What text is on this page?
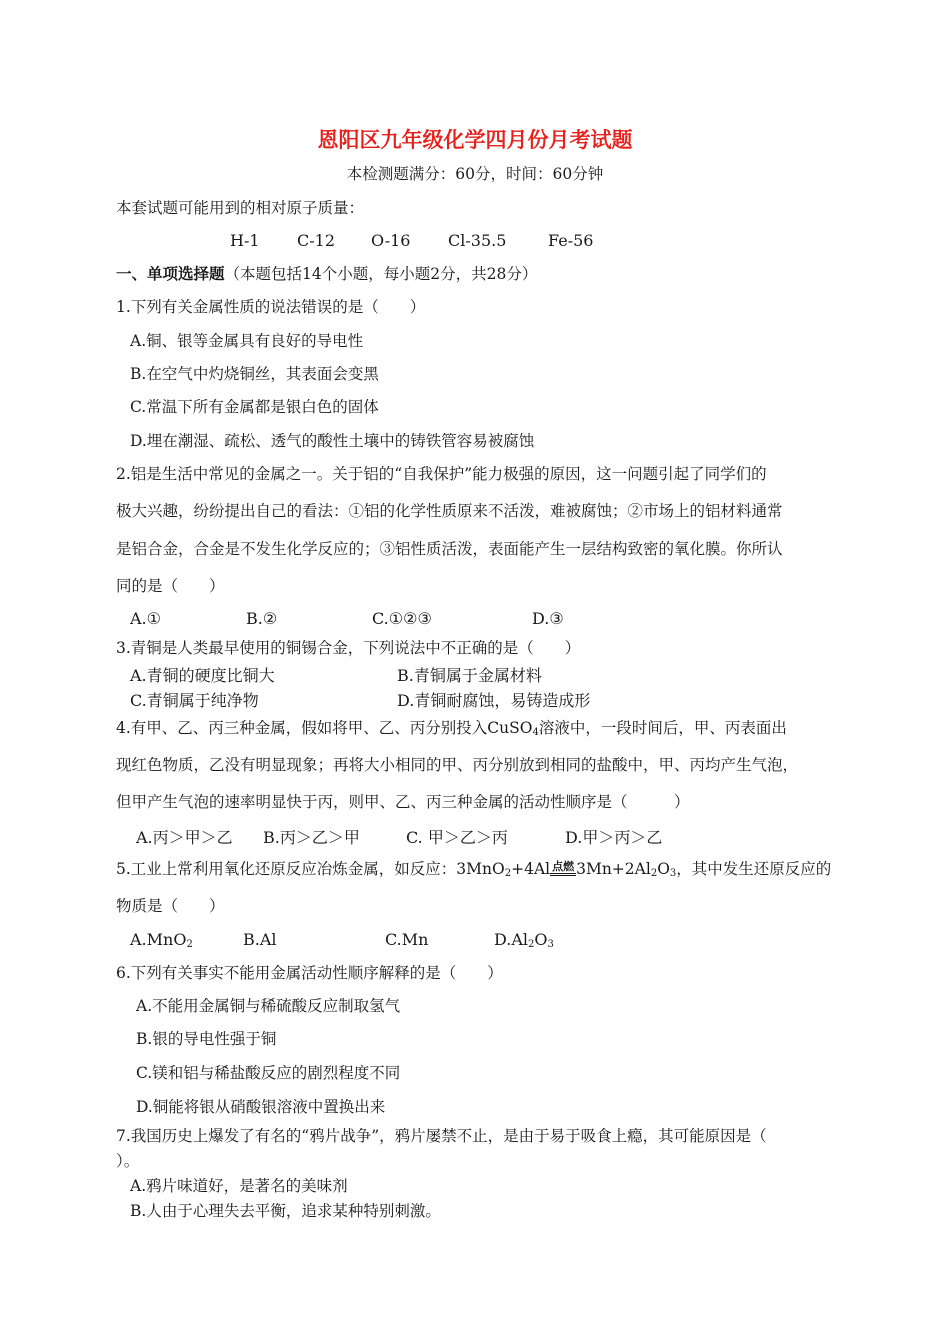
恩阳区九年级化学四月份月考试题
本检测题满分：60分，时间：60分钟
本套试题可能用到的相对原子质量：
H-1 C-12 O-16 Cl-35.5	Fe-56
一、单项选择题（本题包括14个小题，每小题2分，共28分）
1.下列有关金属性质的说法错误的是（　　）
A.铜、银等金属具有良好的导电性
B.在空气中灼烧铜丝，其表面会变黑
C.常温下所有金属都是银白色的固体
D.埋在潮湿、疏松、透气的酸性土壤中的铸铁管容易被腐蚀
2.铝是生活中常见的金属之一。关于铝的“自我保护”能力极强的原因，这一问题引起了同学们的
极大兴趣，纷纷提出自己的看法：①铝的化学性质原来不活泼，难被腐蚀；②市场上的铝材料通常
是铝合金，合金是不发生化学反应的；③铝性质活泼，表面能产生一层结构致密的氧化膜。你所认
同的是（　　）
A.①	B.②	C.①②③	D.③
3.青铜是人类最早使用的铜锡合金，下列说法中不正确的是（　　）
A.青铜的硬度比铜大	B.青铜属于金属材料
C.青铜属于纯净物	D.青铜耐腐蚀，易铸造成形
4.有甲、乙、丙三种金属，假如将甲、乙、丙分别投入CuSO$_4$溶液中，一段时间后，甲、丙表面出
现红色物质，乙没有明显现象；再将大小相同的甲、丙分别放到相同的盐酸中，甲、丙均产生气泡，
但甲产生气泡的速率明显快于丙，则甲、乙、丙三种金属的活动性顺序是（　　　）
A.丙＞甲＞乙 B.丙＞乙＞甲	C. 甲＞乙＞丙	D.甲＞丙＞乙
5.工业上常利用氧化还原反应冶炼金属，如反应：3MnO$_2$+4Al 点燃 $3Mn+2Al_2O_3$，其中发生还原反应的
物质是（　　）
A.MnO$_2$	B.Al	C.Mn	$D.Al_2O_3$
6.下列有关事实不能用金属活动性顺序解释的是（　　）
A.不能用金属铜与稀硫酸反应制取氢气
B.银的导电性强于铜
C.镁和铝与稀盐酸反应的剧烈程度不同
D.铜能将银从硝酸银溶液中置换出来
7.我国历史上爆发了有名的“鸦片战争”，鸦片屡禁不止，是由于易于吸食上瘾，其可能原因是（
）。
A.鸦片味道好，是著名的美味剂
B.人由于心理失去平衡，追求某种特别刺激。
